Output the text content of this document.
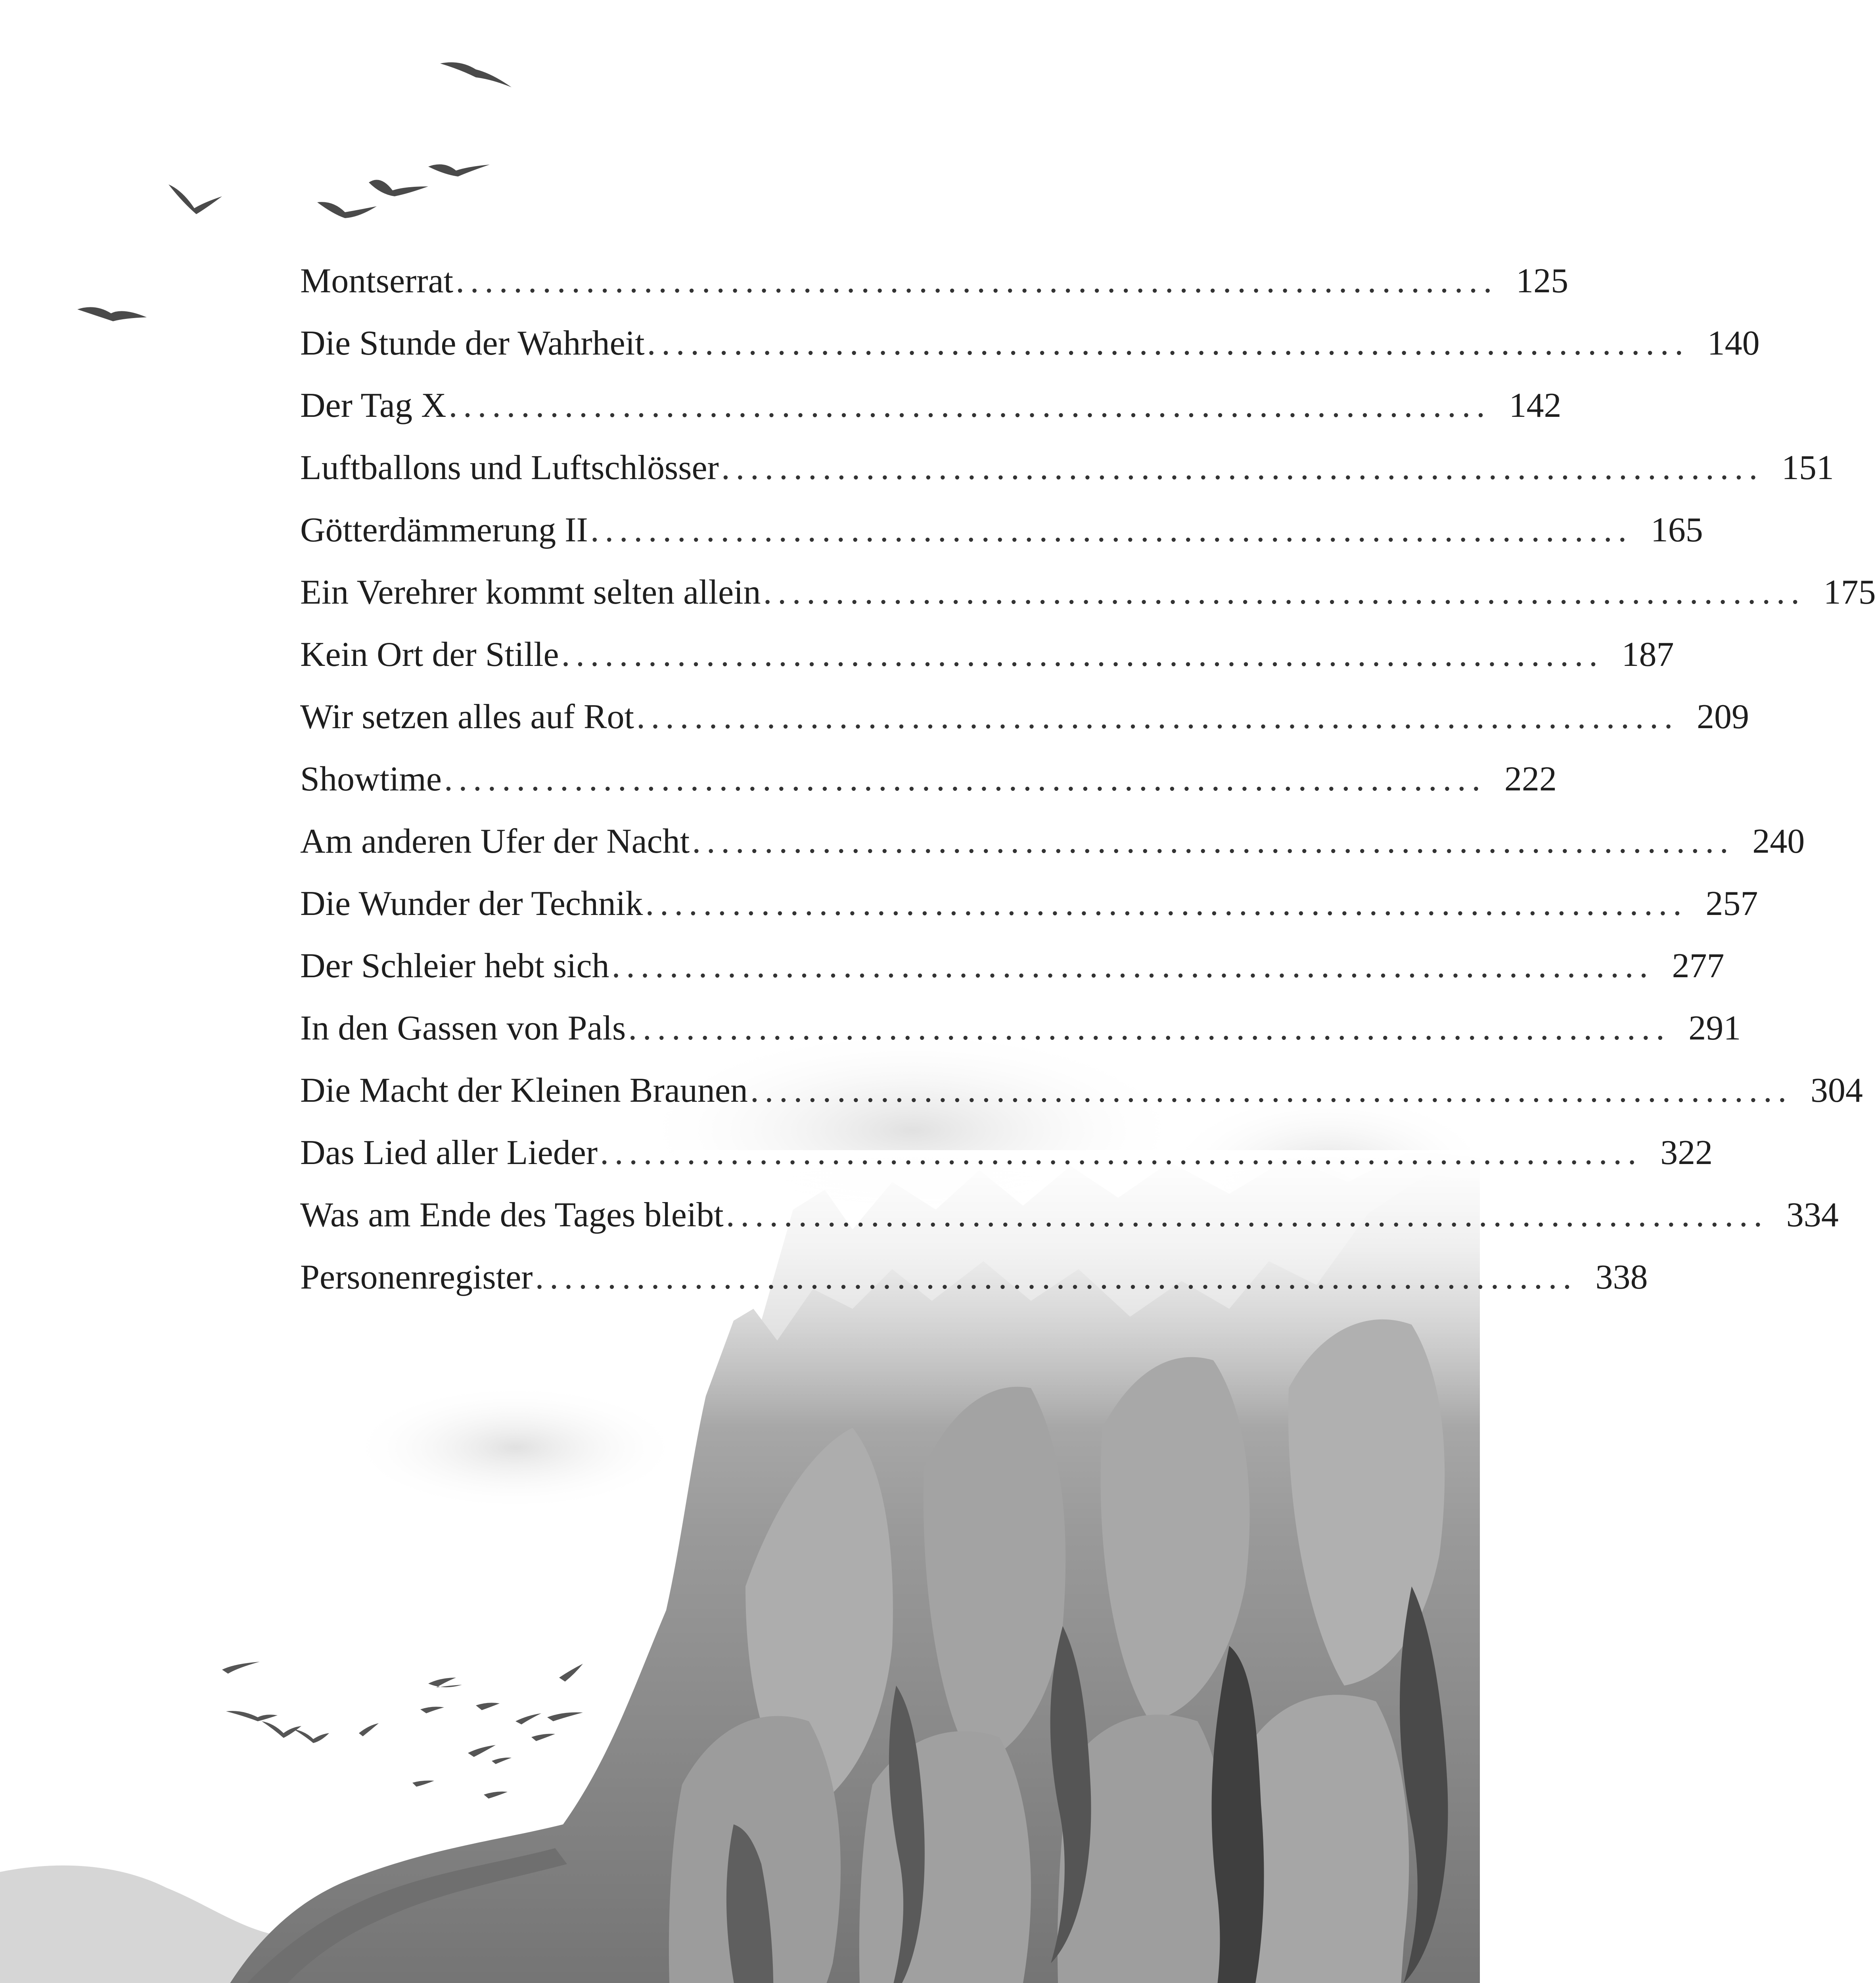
Montserrat ........................................................................ 125
Die Stunde der Wahrheit ........................................................................ 140
Der Tag X ........................................................................ 142
Luftballons und Luftschlösser ........................................................................ 151
Götterdämmerung II ........................................................................ 165
Ein Verehrer kommt selten allein ........................................................................ 175
Kein Ort der Stille ........................................................................ 187
Wir setzen alles auf Rot ........................................................................ 209
Showtime ........................................................................ 222
Am anderen Ufer der Nacht ........................................................................ 240
Die Wunder der Technik ........................................................................ 257
Der Schleier hebt sich ........................................................................ 277
In den Gassen von Pals ........................................................................ 291
Die Macht der Kleinen Braunen ........................................................................ 304
Das Lied aller Lieder ........................................................................ 322
Was am Ende des Tages bleibt ........................................................................ 334
Personenregister ........................................................................ 338
